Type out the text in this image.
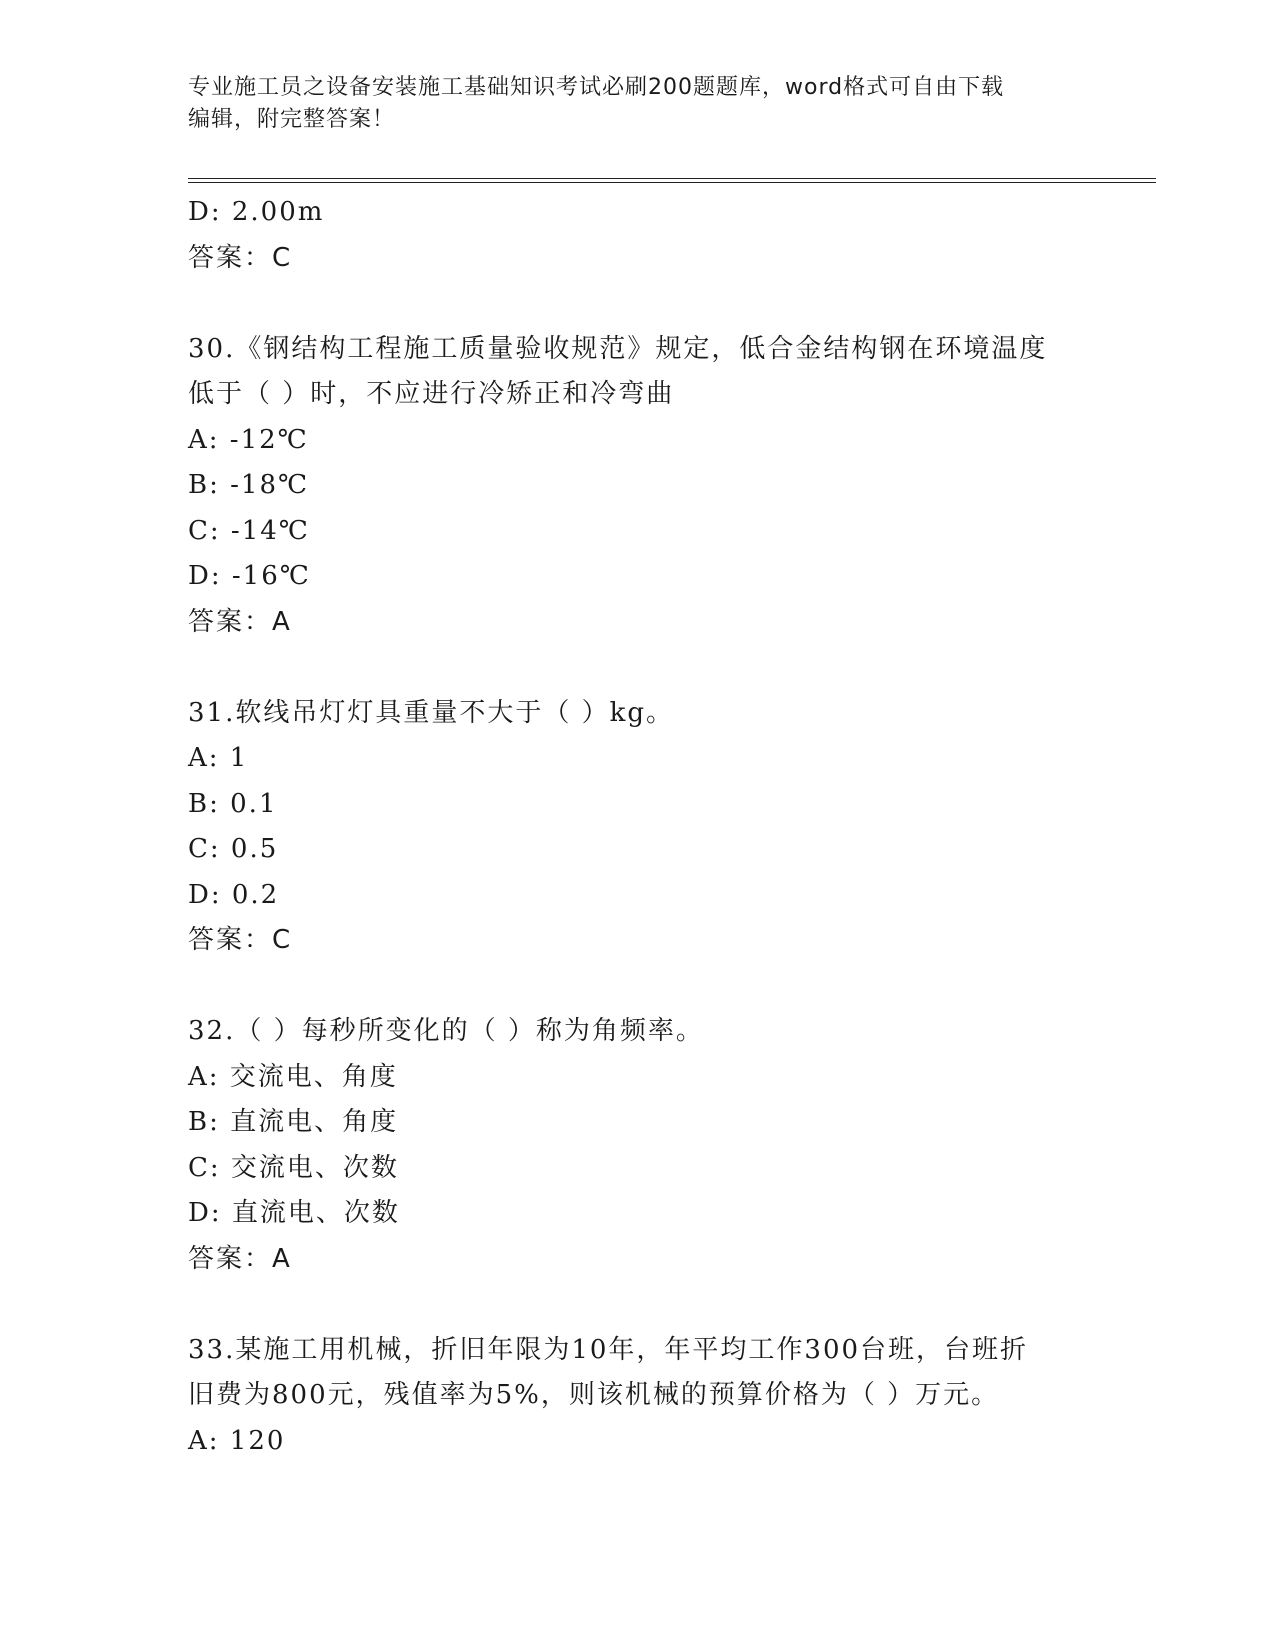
专业施工员之设备安装施工基础知识考试必刷200题题库，word格式可自由下载
编辑，附完整答案！
D: 2.00m
答案：C
30.《钢结构工程施工质量验收规范》规定，低合金结构钢在环境温度
低于（ ）时，不应进行冷矫正和冷弯曲
A: -12℃
B: -18℃
C: -14℃
D: -16℃
答案：A
31.软线吊灯灯具重量不大于（ ）kg。
A: 1
B: 0.1
C: 0.5
D: 0.2
答案：C
32.（ ）每秒所变化的（ ）称为角频率。
A: 交流电、角度
B: 直流电、角度
C: 交流电、次数
D: 直流电、次数
答案：A
33.某施工用机械，折旧年限为10年，年平均工作300台班，台班折
旧费为800元，残值率为5%，则该机械的预算价格为（ ）万元。
A: 120
